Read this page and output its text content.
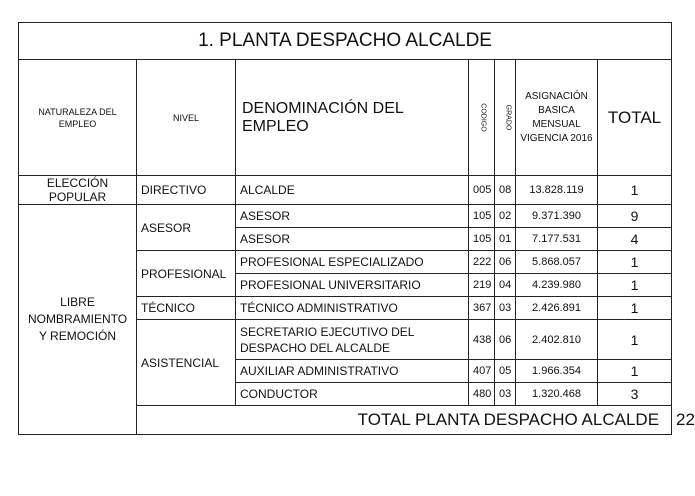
1. PLANTA DESPACHO ALCALDE							
NATURALEZA DEL EMPLEO	NIVEL	DENOMINACIÓN DEL EMPLEO	CODIGO	GRADO	ASIGNACIÓN BASICA MENSUAL VIGENCIA 2016	TOTAL	
ELECCIÓN POPULAR	DIRECTIVO	ALCALDE	005	08	13.828.119	1	
LIBRE NOMBRAMIENTO Y REMOCIÓN	ASESOR	ASESOR	105	02	9.371.390	9	
		ASESOR	105	01	7.177.531	4	
	PROFESIONAL	PROFESIONAL ESPECIALIZADO	222	06	5.868.057	1	
		PROFESIONAL UNIVERSITARIO	219	04	4.239.980	1	
	TÉCNICO	TÉCNICO ADMINISTRATIVO	367	03	2.426.891	1	
	ASISTENCIAL	SECRETARIO EJECUTIVO DEL DESPACHO DEL ALCALDE	438	06	2.402.810	1	
		AUXILIAR ADMINISTRATIVO	407	05	1.966.354	1	
		CONDUCTOR	480	03	1.320.468	3	
	TOTAL PLANTA DESPACHO ALCALDE						22
